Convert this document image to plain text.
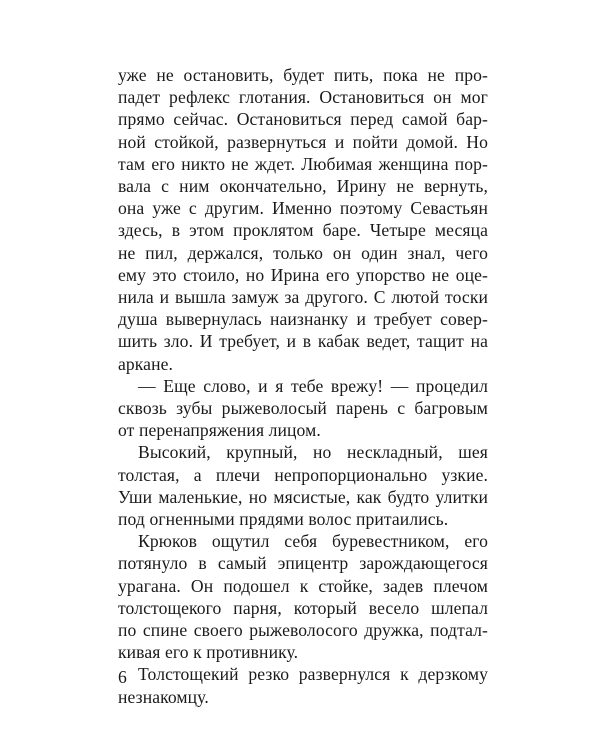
уже не остановить, будет пить, пока не про-
падет рефлекс глотания. Остановиться он мог
прямо сейчас. Остановиться перед самой бар-
ной стойкой, развернуться и пойти домой. Но
там его никто не ждет. Любимая женщина пор-
вала с ним окончательно, Ирину не вернуть,
она уже с другим. Именно поэтому Севастьян
здесь, в этом проклятом баре. Четыре месяца
не пил, держался, только он один знал, чего
ему это стоило, но Ирина его упорство не оце-
нила и вышла замуж за другого. С лютой тоски
душа вывернулась наизнанку и требует совер-
шить зло. И требует, и в кабак ведет, тащит на
аркане.

— Еще слово, и я тебе врежу! — процедил
сквозь зубы рыжеволосый парень с багровым
от перенапряжения лицом.

Высокий, крупный, но нескладный, шея
толстая, а плечи непропорционально узкие.
Уши маленькие, но мясистые, как будто улитки
под огненными прядями волос притаились.

Крюков ощутил себя буревестником, его
потянуло в самый эпицентр зарождающегося
урагана. Он подошел к стойке, задев плечом
толстощекого парня, который весело шлепал
по спине своего рыжеволосого дружка, подтал-
кивая его к противнику.

Толстощекий резко развернулся к дерзкому
незнакомцу.

6
